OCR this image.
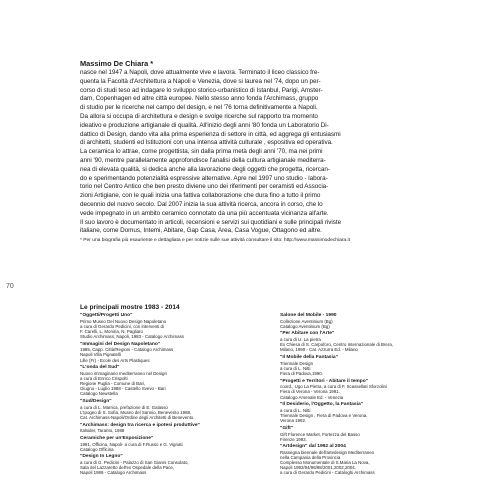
70
Massimo De Chiara *

nasce nel 1947 a Napoli, dove attualmente vive e lavora. Terminato il liceo classico fre-

quenta la Facoltà d'Architettura a Napoli e Venezia, dove si laurea nel '74, dopo un per-

corso di studi teso ad indagare lo sviluppo storico-urbanistico di Istanbul, Parigi, Amster-

dam, Copenhagen ed altre città europee. Nello stesso anno fonda l'Archimass, gruppo

di studio per le ricerche nel campo del design, e nel '76 torna definitivamente a Napoli.

Da allora si occupa di architettura e design e svolge ricerche sul rapporto tra momento

ideativo e produzione artigianale di qualità. All'inizio degli anni '80 fonda un Laboratorio Di-

dattico di Design, dando vita alla prima esperienza di settore in città, ed aggrega gli entusiasmi

di architetti, studenti ed Istituzioni con una intensa attività culturale , espositiva ed operativa.

La ceramica lo attrae, come progettista, sin dalla prima metà degli anni '70, ma nei primi

anni '90, mentre parallelamente approfondisce l'analisi della cultura artigianale mediterra-

nea di elevata qualità, si dedica anche alla lavorazione degli oggetti che progetta, ricercan-

do e sperimentando potenzialità espressive alternative. Apre nel 1997 uno studio - labora-

torio nel Centro Antico che ben presto diviene uno dei riferimenti per ceramisti ed Associa-

zioni Artigiane, con le quali inizia una fattiva collaborazione che dura fino a tutto il primo

decennio del nuovo secolo. Dal 2007 inizia la sua attività ricerca, ancora in corso, che lo

vede impegnato in un ambito ceramico connotato da una più accentuata vicinanza all'arte.

Il suo lavoro è documentato in articoli, recensioni e servizi sui quotidiani e sulle principali riviste

italiane, come Domus, Intemi, Abitare, Gap Casa, Area, Casa Vogue, Ottagono ed altre.

* Per una biografia più esauriente e dettagliata e per notizie sulle sue attività consultare il sito: http://www.massimodechiara.it
Le principali mostre 1983 - 2014
"Oggetti/Progetti Uno"
Primo Museo Del Nuovo Design Napoletano
a cura di Gerardo Pedicini, con interventi di
F. Carelli, L. Moniria, N. Pagliaro
Studio Archimass, Napoli, 1983 - Catalogo Archimass
"Immagini del Design Napoletano"
1985, Capp. Città/Regioni - Catalogo Archimass
Napoli Villa Pignatelli
Lille (Fr) - Ecole des Arts Plastiques
"L'onda del Sud"
Nuovo immaginario mediterraneo nel Design
a cura di Enrico Crispolti
Regione Puglia - Comune di Bari,
Giugno - Luglio 1988 - Castello Svevo - Bari
Catalogo Newstella
"Sud/Design"
a cura di L. Marrica, prefazione di E. Galasso
L'Ipogeo di S. Sofia, Museo del Sannio, Benevento 1988,
Cat. Archimass-Napoli/Ordine degli Architetti di Benevento.
"Archimass: design tra ricerca e ipotesi produttive"
Italsider, Taranto, 1988
Ceramiche per un'Esposizione"
1991, Officina, Napoli- a cura di F.Russo e G. Vignati
Catalogo Officina
"Design In Legno"
a cura di G. Pedicini - Palazzo di San Gianni Consolato,
Sala del Lazzaretto dell'ex Ospedale della Pace,
Napoli 1989 - Catalogo Archimass
Salone del Mobile - 1990
Collezione Aventinium (Bg)
Catalogo Aventinium (Bg)
"Per Abitare con l'Arte"
a cura di U. La pietra
Ex Chiesa di S. Carpoforo, Centro Internazionale di Brera,
Milano, 1990 - Cat. Azzurra Ed. - Milano
"Il Mobile della Fantasia"
Triennale Design
a cura di L. Nitti
Fiera di Padova,1990.
"Progetti e Territori - Abitare il tempo"
coord., Ugo La Pietra, a cura di F. Scassellati Sforzolini
Fiera di Verona - Verona 1991.
Catalogo Arsenale Ed. - Venezia
"Il Desiderio, l'Oggetto, la Fantasia"
a cura di L. Nitti
Triennale Design , Fiera di Padova e Verona,
Verona 1992.
"Gift"
Gift Florence Market, Fortezza del Basso
Firenze 1993.
"Artdesign" dal 1992 al 2004
Rassegna biennale dell'artedesign Mediterraneo
nella Campania della Provincia
Complesso Monumentale di S.Maria La Nova,
Napoli 1992/94/96/98/2001,2002,2004.
a cura di Gerardo Pedicini - Cataloghi Archimass
